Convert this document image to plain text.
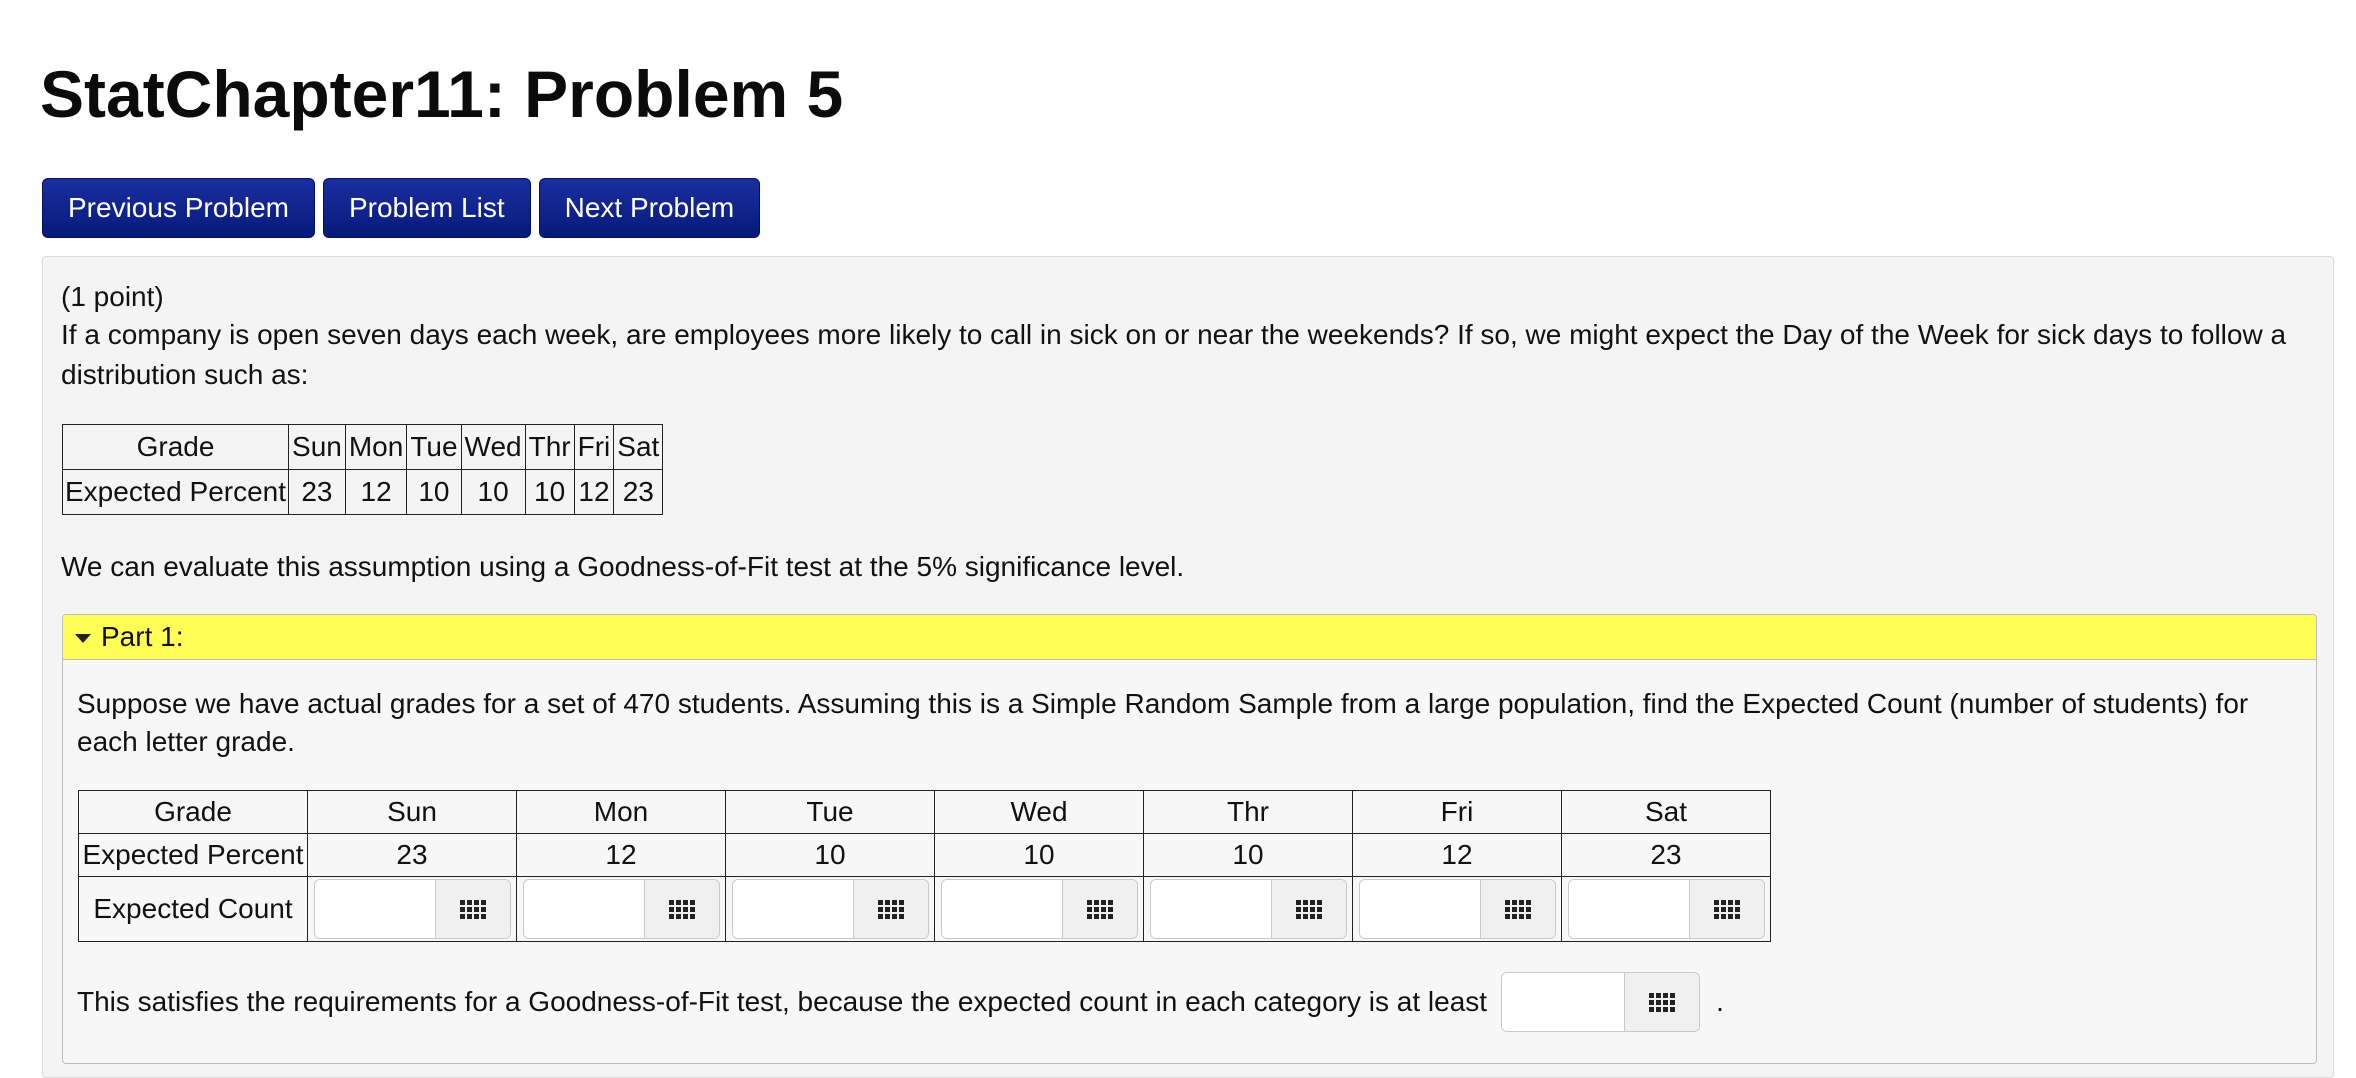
StatChapter11: Problem 5
Previous Problem	Problem List	Next Problem
(1 point)
If a company is open seven days each week, are employees more likely to call in sick on or near the weekends? If so, we might expect the Day of the Week for sick days to follow a distribution such as:
Grade	Sun	Mon	Tue	Wed	Thr	Fri	Sat
Expected Percent	23	12	10	10	10	12	23
We can evaluate this assumption using a Goodness-of-Fit test at the 5% significance level.
Part 1:
Suppose we have actual grades for a set of 470 students. Assuming this is a Simple Random Sample from a large population, find the Expected Count (number of students) for each letter grade.
Grade	Sun	Mon	Tue	Wed	Thr	Fri	Sat
Expected Percent	23	12	10	10	10	12	23
Expected Count	

This satisfies the requirements for a Goodness-of-Fit test, because the expected count in each category is at least	.
